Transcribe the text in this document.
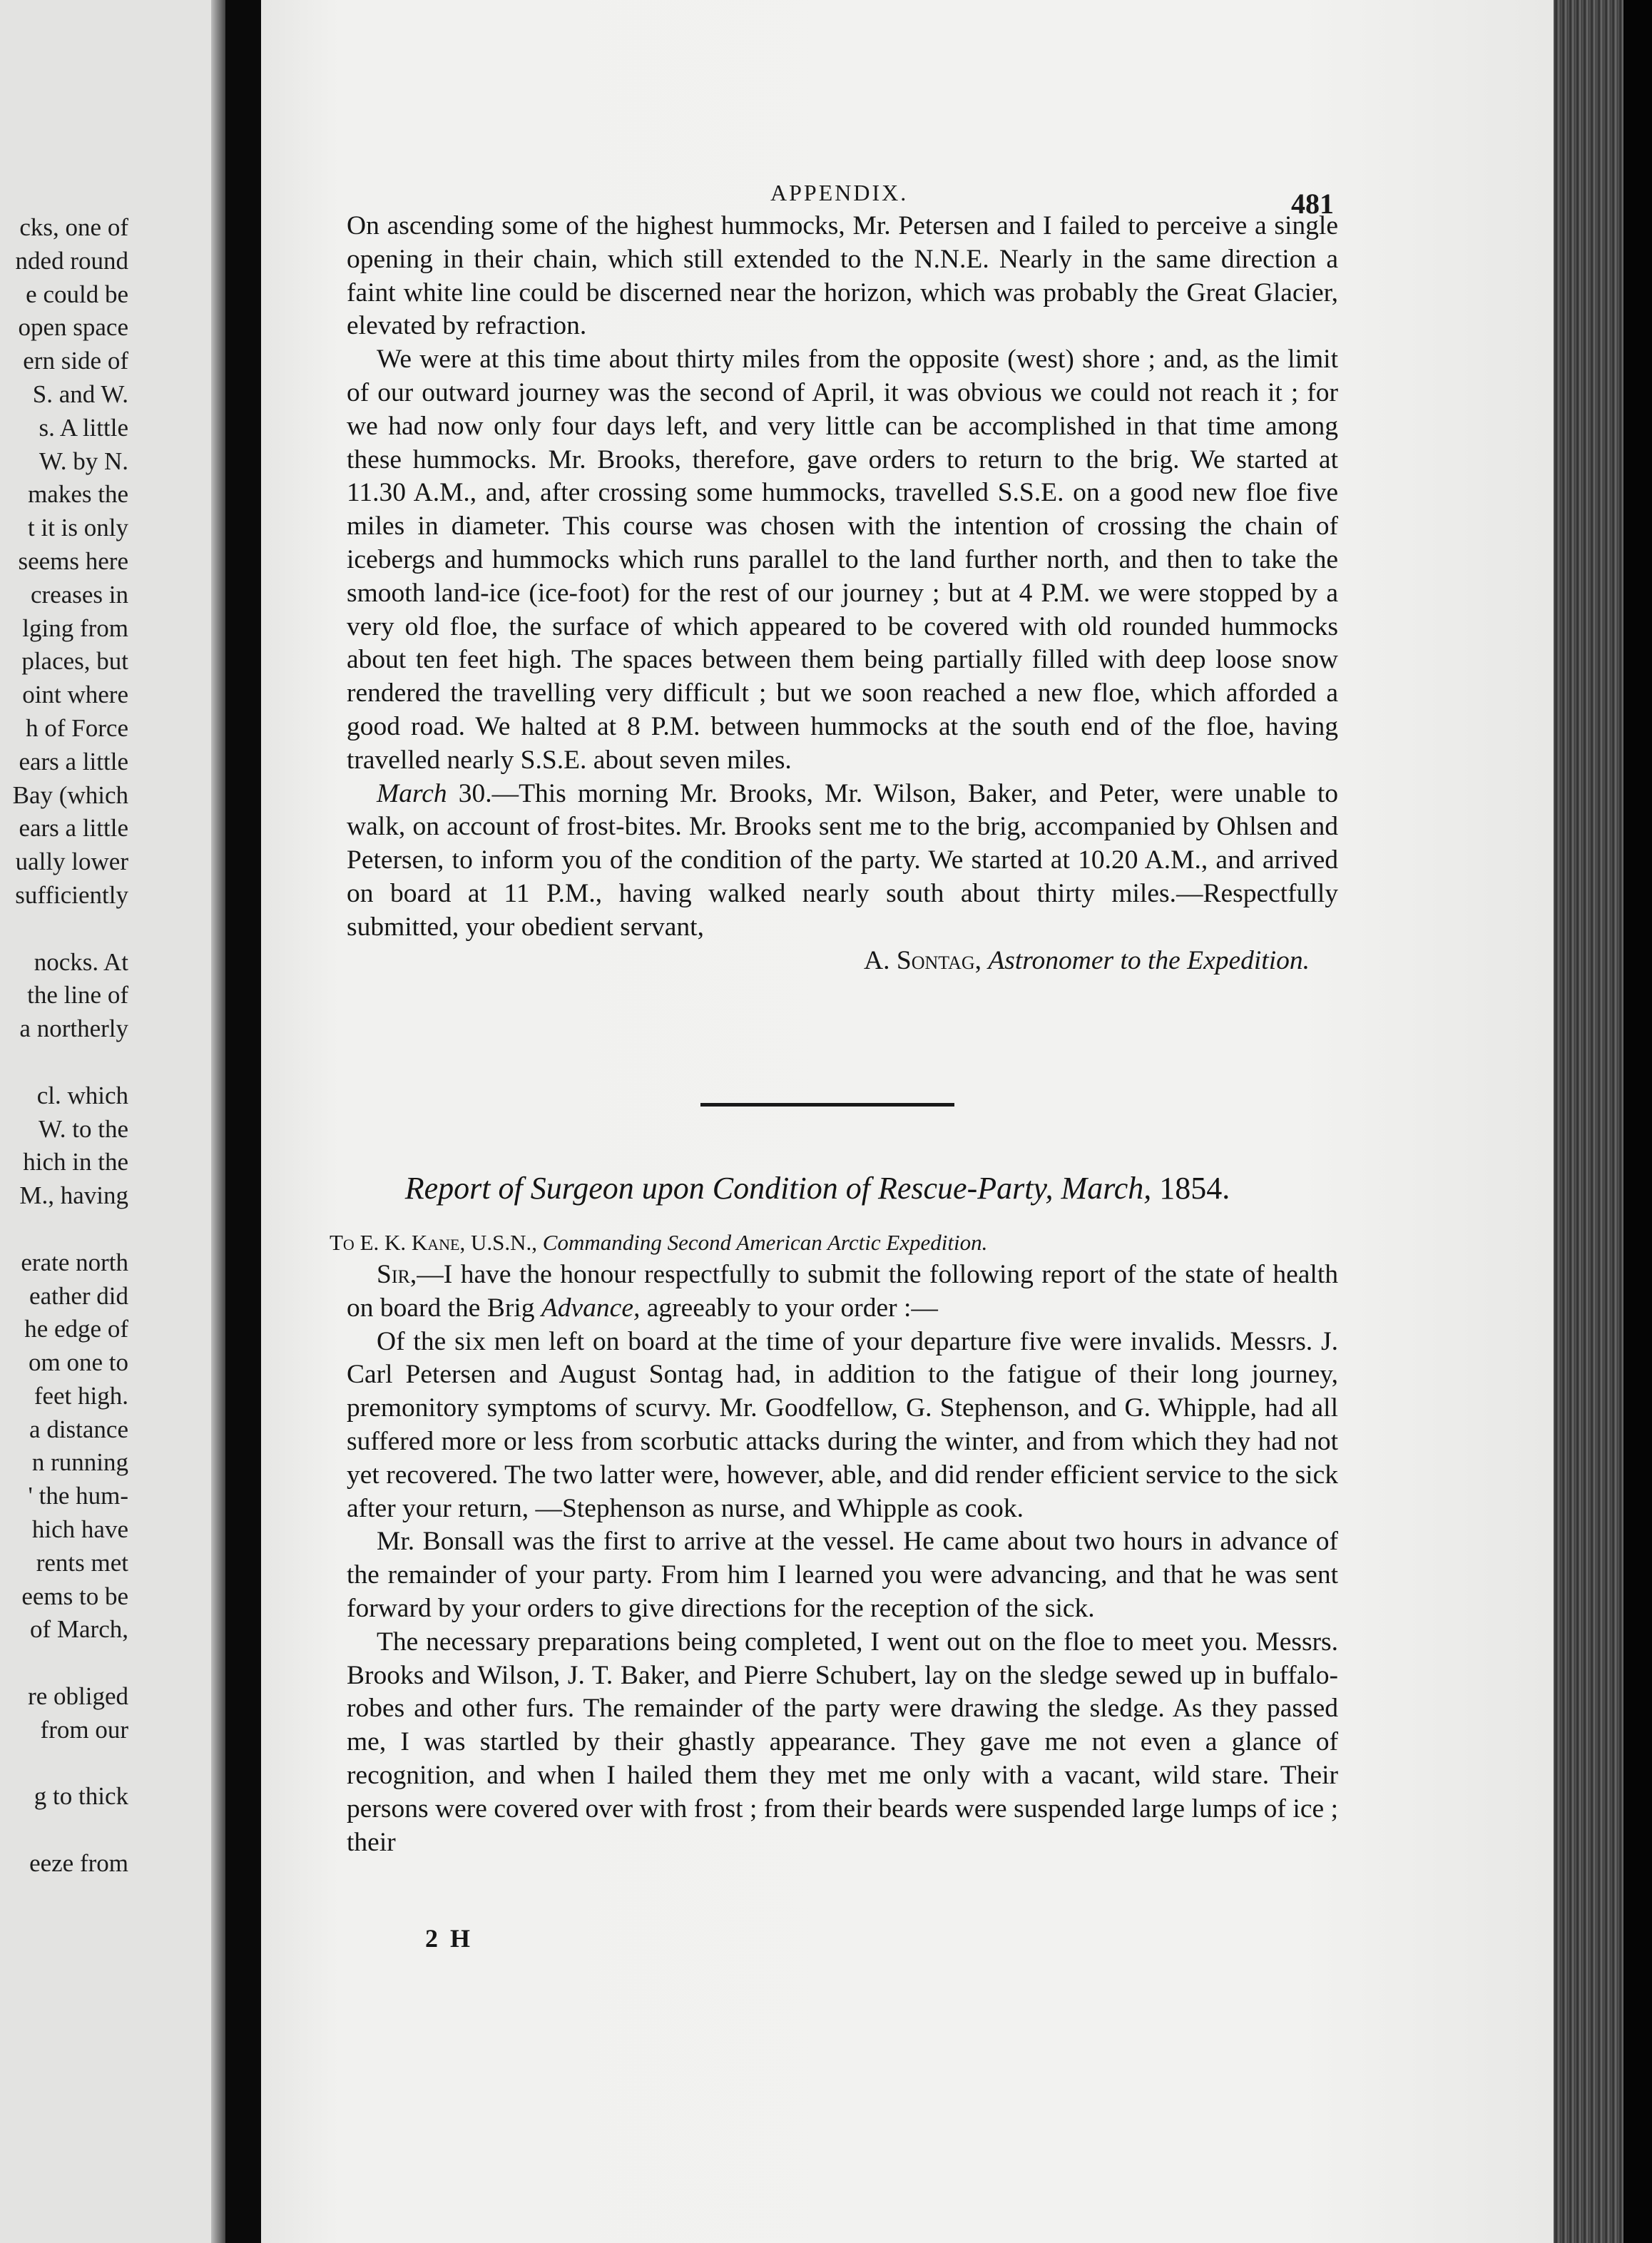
cks, one of
nded round
e could be
open space
ern side of
S. and W.
s. A little
W. by N.
makes the
t it is only
seems here
creases in
lging from
places, but
oint where
h of Force
ears a little
Bay (which
ears a little
ually lower
sufficiently
nocks. At
the line of
a northerly
cl. which
W. to the
hich in the
M., having
erate north
eather did
he edge of
om one to
feet high.
a distance
n running
' the hum-
hich have
rents met
eems to be
of March,
re obliged
from our
g to thick
eeze from
APPENDIX.	481

On ascending some of the highest hummocks, Mr. Petersen and I failed to perceive a single opening in their chain, which still extended to the N.N.E. Nearly in the same direction a faint white line could be discerned near the horizon, which was probably the Great Glacier, elevated by refraction.

We were at this time about thirty miles from the opposite (west) shore ; and, as the limit of our outward journey was the second of April, it was obvious we could not reach it ; for we had now only four days left, and very little can be accomplished in that time among these hummocks. Mr. Brooks, therefore, gave orders to return to the brig. We started at 11.30 A.M., and, after crossing some hummocks, travelled S.S.E. on a good new floe five miles in diameter. This course was chosen with the intention of crossing the chain of icebergs and hummocks which runs parallel to the land further north, and then to take the smooth land-ice (ice-foot) for the rest of our journey ; but at 4 P.M. we were stopped by a very old floe, the surface of which appeared to be covered with old rounded hummocks about ten feet high. The spaces between them being partially filled with deep loose snow rendered the travelling very difficult ; but we soon reached a new floe, which afforded a good road. We halted at 8 P.M. between hummocks at the south end of the floe, having travelled nearly S.S.E. about seven miles.

March 30.—This morning Mr. Brooks, Mr. Wilson, Baker, and Peter, were unable to walk, on account of frost-bites. Mr. Brooks sent me to the brig, accompanied by Ohlsen and Petersen, to inform you of the condition of the party. We started at 10.20 A.M., and arrived on board at 11 P.M., having walked nearly south about thirty miles.—Respectfully submitted, your obedient servant,

A. Sontag, Astronomer to the Expedition.
Report of Surgeon upon Condition of Rescue-Party, March, 1854.
To E. K. Kane, U.S.N., Commanding Second American Arctic Expedition.

Sir,—I have the honour respectfully to submit the following report of the state of health on board the Brig Advance, agreeably to your order :—

Of the six men left on board at the time of your departure five were invalids. Messrs. J. Carl Petersen and August Sontag had, in addition to the fatigue of their long journey, premonitory symptoms of scurvy. Mr. Goodfellow, G. Stephenson, and G. Whipple, had all suffered more or less from scorbutic attacks during the winter, and from which they had not yet recovered. The two latter were, however, able, and did render efficient service to the sick after your return, —Stephenson as nurse, and Whipple as cook.

Mr. Bonsall was the first to arrive at the vessel. He came about two hours in advance of the remainder of your party. From him I learned you were advancing, and that he was sent forward by your orders to give directions for the reception of the sick.

The necessary preparations being completed, I went out on the floe to meet you. Messrs. Brooks and Wilson, J. T. Baker, and Pierre Schubert, lay on the sledge sewed up in buffalo-robes and other furs. The remainder of the party were drawing the sledge. As they passed me, I was startled by their ghastly appearance. They gave me not even a glance of recognition, and when I hailed them they met me only with a vacant, wild stare. Their persons were covered over with frost ; from their beards were suspended large lumps of ice ; their

2 H
